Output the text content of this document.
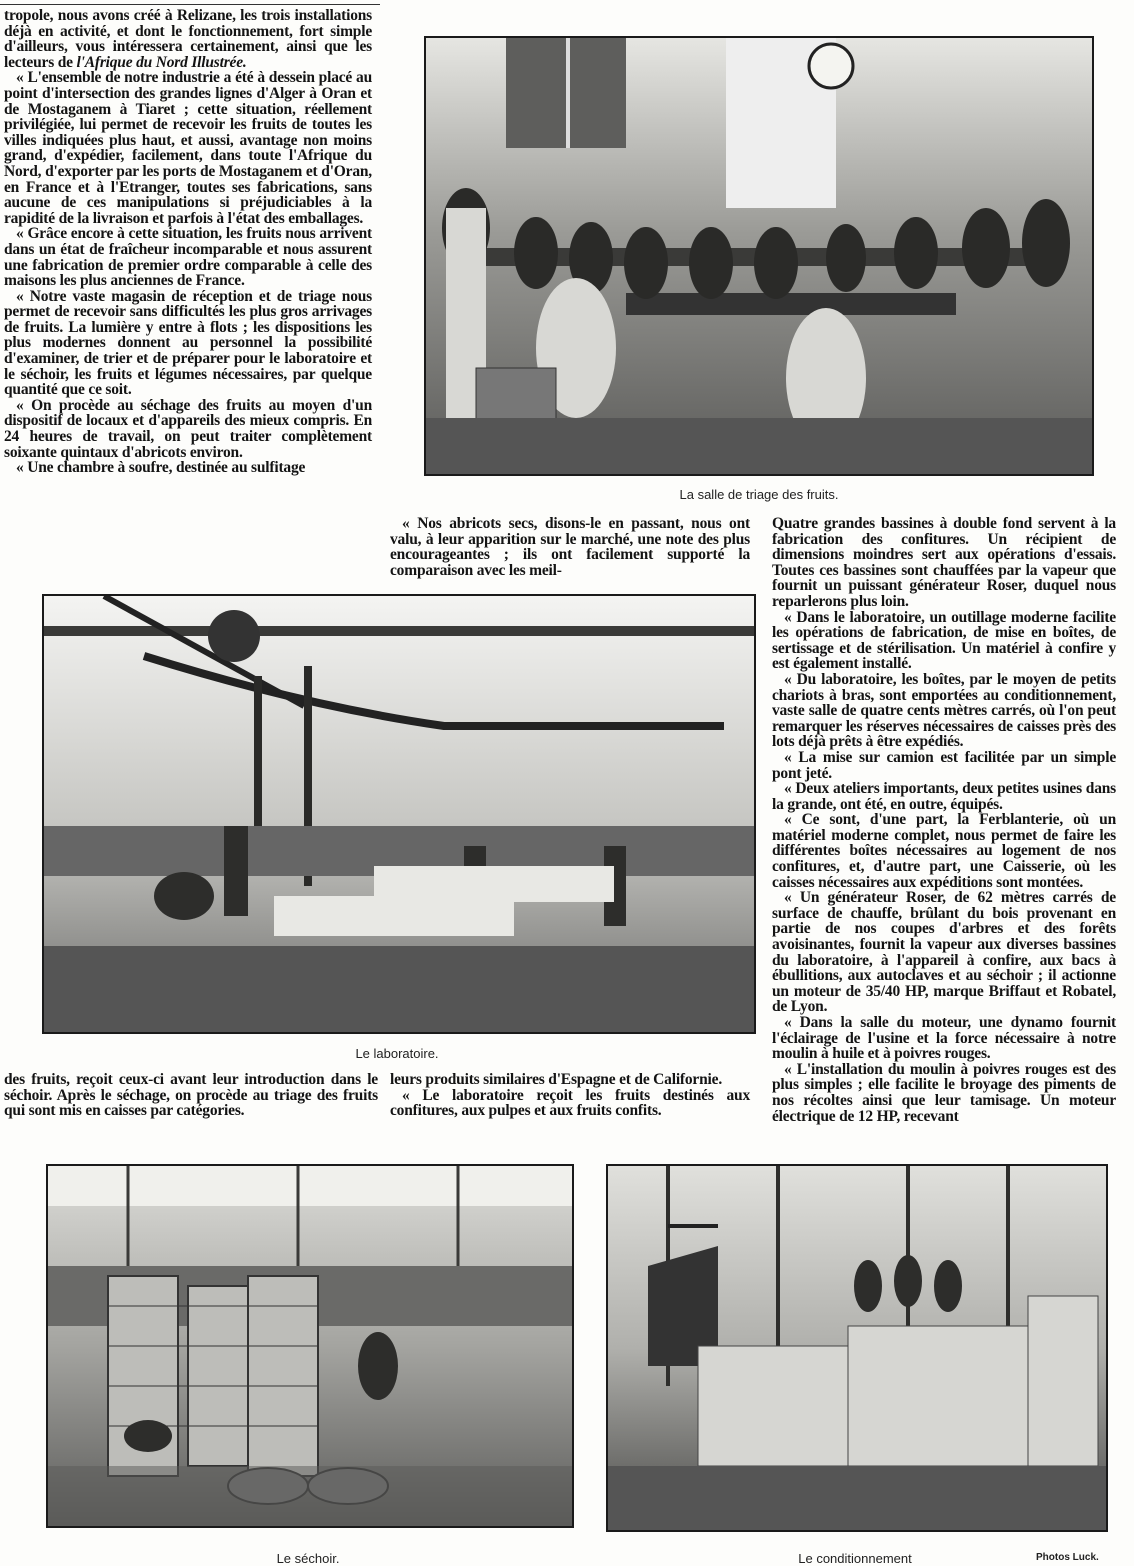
tropole, nous avons créé à Relizane, les trois installations déjà en activité, et dont le fonctionnement, fort simple d'ailleurs, vous intéressera certainement, ainsi que les lecteurs de l'Afrique du Nord Illustrée.

« L'ensemble de notre industrie a été à dessein placé au point d'intersection des grandes lignes d'Alger à Oran et de Mostaganem à Tiaret ; cette situation, réellement privilégiée, lui permet de recevoir les fruits de toutes les villes indiquées plus haut, et aussi, avantage non moins grand, d'expédier, facilement, dans toute l'Afrique du Nord, d'exporter par les ports de Mostaganem et d'Oran, en France et à l'Etranger, toutes ses fabrications, sans aucune de ces manipulations si préjudiciables à la rapidité de la livraison et parfois à l'état des emballages.

« Grâce encore à cette situation, les fruits nous arrivent dans un état de fraîcheur incomparable et nous assurent une fabrication de premier ordre comparable à celle des maisons les plus anciennes de France.

« Notre vaste magasin de réception et de triage nous permet de recevoir sans difficultés les plus gros arrivages de fruits. La lumière y entre à flots ; les dispositions les plus modernes donnent au personnel la possibilité d'examiner, de trier et de préparer pour le laboratoire et le séchoir, les fruits et légumes nécessaires, par quelque quantité que ce soit.

« On procède au séchage des fruits au moyen d'un dispositif de locaux et d'appareils des mieux compris. En 24 heures de travail, on peut traiter complètement soixante quintaux d'abricots environ.

« Une chambre à soufre, destinée au sulfitage

La salle de triage des fruits.

« Nos abricots secs, disons-le en passant, nous ont valu, à leur apparition sur le marché, une note des plus encourageantes ; ils ont facilement supporté la comparaison avec les meil-

Quatre grandes bassines à double fond servent à la fabrication des confitures. Un récipient de dimensions moindres sert aux opérations d'essais. Toutes ces bassines sont chauffées par la vapeur que fournit un puissant générateur Roser, duquel nous reparlerons plus loin.

« Dans le laboratoire, un outillage moderne facilite les opérations de fabrication, de mise en boîtes, de sertissage et de stérilisation. Un matériel à confire y est également installé.

« Du laboratoire, les boîtes, par le moyen de petits chariots à bras, sont emportées au conditionnement, vaste salle de quatre cents mètres carrés, où l'on peut remarquer les réserves nécessaires de caisses près des lots déjà prêts à être expédiés.

« La mise sur camion est facilitée par un simple pont jeté.

« Deux ateliers importants, deux petites usines dans la grande, ont été, en outre, équipés.

« Ce sont, d'une part, la Ferblanterie, où un matériel moderne complet, nous permet de faire les différentes boîtes nécessaires au logement de nos confitures, et, d'autre part, une Caisserie, où les caisses nécessaires aux expéditions sont montées.

« Un générateur Roser, de 62 mètres carrés de surface de chauffe, brûlant du bois provenant en partie de nos coupes d'arbres et des forêts avoisinantes, fournit la vapeur aux diverses bassines du laboratoire, à l'appareil à confire, aux bacs à ébullitions, aux autoclaves et au séchoir ; il actionne un moteur de 35/40 HP, marque Briffaut et Robatel, de Lyon.

« Dans la salle du moteur, une dynamo fournit l'éclairage de l'usine et la force nécessaire à notre moulin à huile et à poivres rouges.

« L'installation du moulin à poivres rouges est des plus simples ; elle facilite le broyage des piments de nos récoltes ainsi que leur tamisage. Un moteur électrique de 12 HP, recevant

Le laboratoire.

des fruits, reçoit ceux-ci avant leur introduction dans le séchoir. Après le séchage, on procède au triage des fruits qui sont mis en caisses par catégories.

leurs produits similaires d'Espagne et de Californie.

« Le laboratoire reçoit les fruits destinés aux confitures, aux pulpes et aux fruits confits.

Le séchoir.	Le conditionnement	Photos Luck.
